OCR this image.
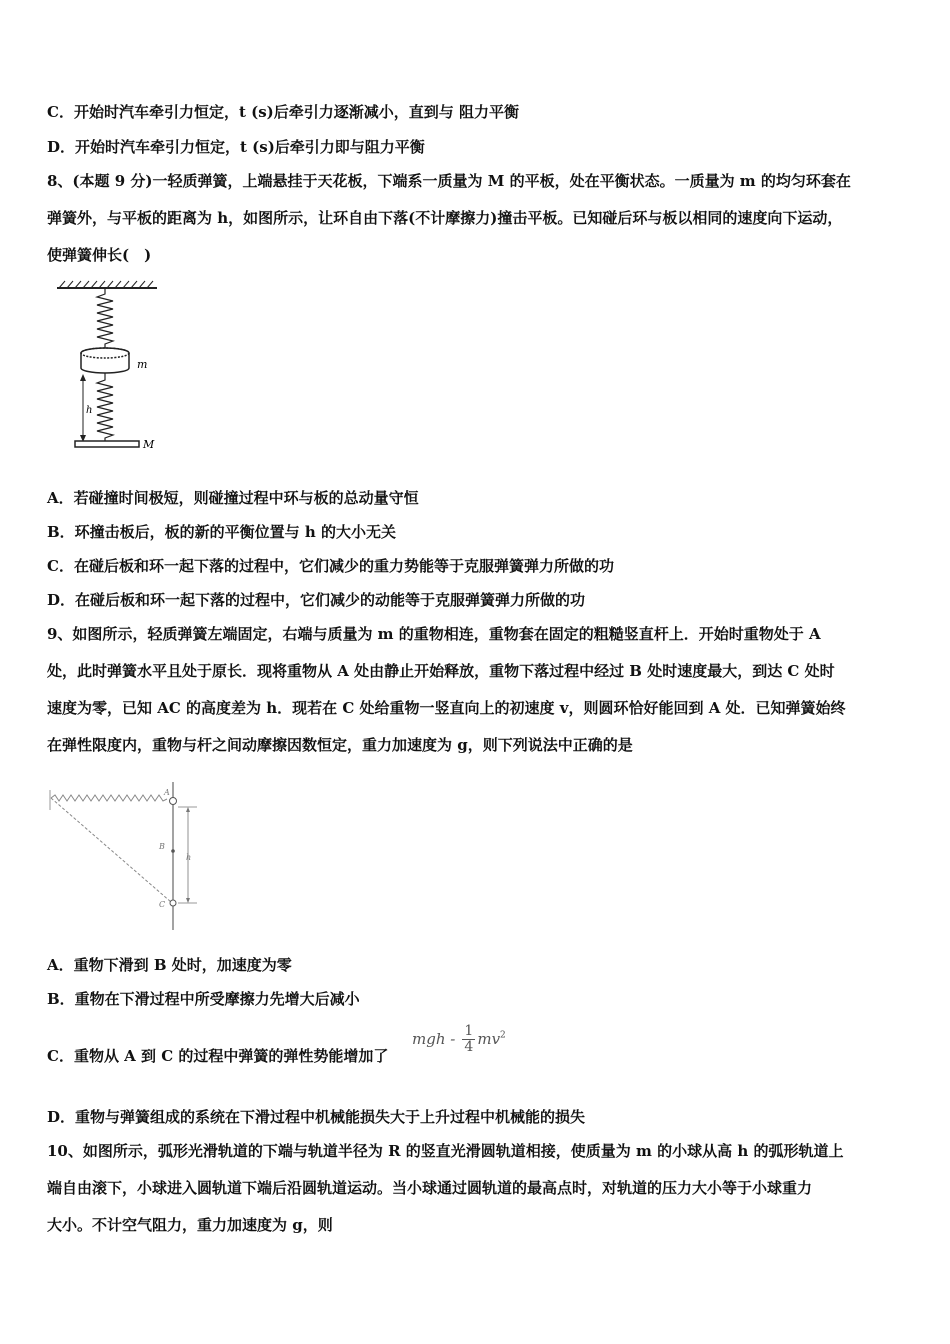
C．开始时汽车牵引力恒定，t (s)后牵引力逐渐减小，直到与 阻力平衡
D．开始时汽车牵引力恒定，t (s)后牵引力即与阻力平衡
8、(本题 9 分)一轻质弹簧，上端悬挂于天花板，下端系一质量为 M 的平板，处在平衡状态。一质量为 m 的均匀环套在
弹簧外，与平板的距离为 h，如图所示，让环自由下落(不计摩擦力)撞击平板。已知碰后环与板以相同的速度向下运动，
使弹簧伸长(　)
m
h
M
A．若碰撞时间极短，则碰撞过程中环与板的总动量守恒
B．环撞击板后，板的新的平衡位置与 h 的大小无关
C．在碰后板和环一起下落的过程中，它们减少的重力势能等于克服弹簧弹力所做的功
D．在碰后板和环一起下落的过程中，它们减少的动能等于克服弹簧弹力所做的功
9、如图所示，轻质弹簧左端固定，右端与质量为 m 的重物相连，重物套在固定的粗糙竖直杆上．开始时重物处于 A
处，此时弹簧水平且处于原长．现将重物从 A 处由静止开始释放，重物下落过程中经过 B 处时速度最大，到达 C 处时
速度为零，已知 AC 的高度差为 h．现若在 C 处给重物一竖直向上的初速度 v，则圆环恰好能回到 A 处．已知弹簧始终
在弹性限度内，重物与杆之间动摩擦因数恒定，重力加速度为 g，则下列说法中正确的是
A
B
C
h
A．重物下滑到 B 处时，加速度为零
B．重物在下滑过程中所受摩擦力先增大后减小
C．重物从 A 到 C 的过程中弹簧的弹性势能增加了
mgh - $\frac{1}{4} mv^2$
D．重物与弹簧组成的系统在下滑过程中机械能损失大于上升过程中机械能的损失
10、如图所示，弧形光滑轨道的下端与轨道半径为 R 的竖直光滑圆轨道相接，使质量为 m 的小球从高 h 的弧形轨道上
端自由滚下，小球进入圆轨道下端后沿圆轨道运动。当小球通过圆轨道的最高点时，对轨道的压力大小等于小球重力
大小。不计空气阻力，重力加速度为 g，则
